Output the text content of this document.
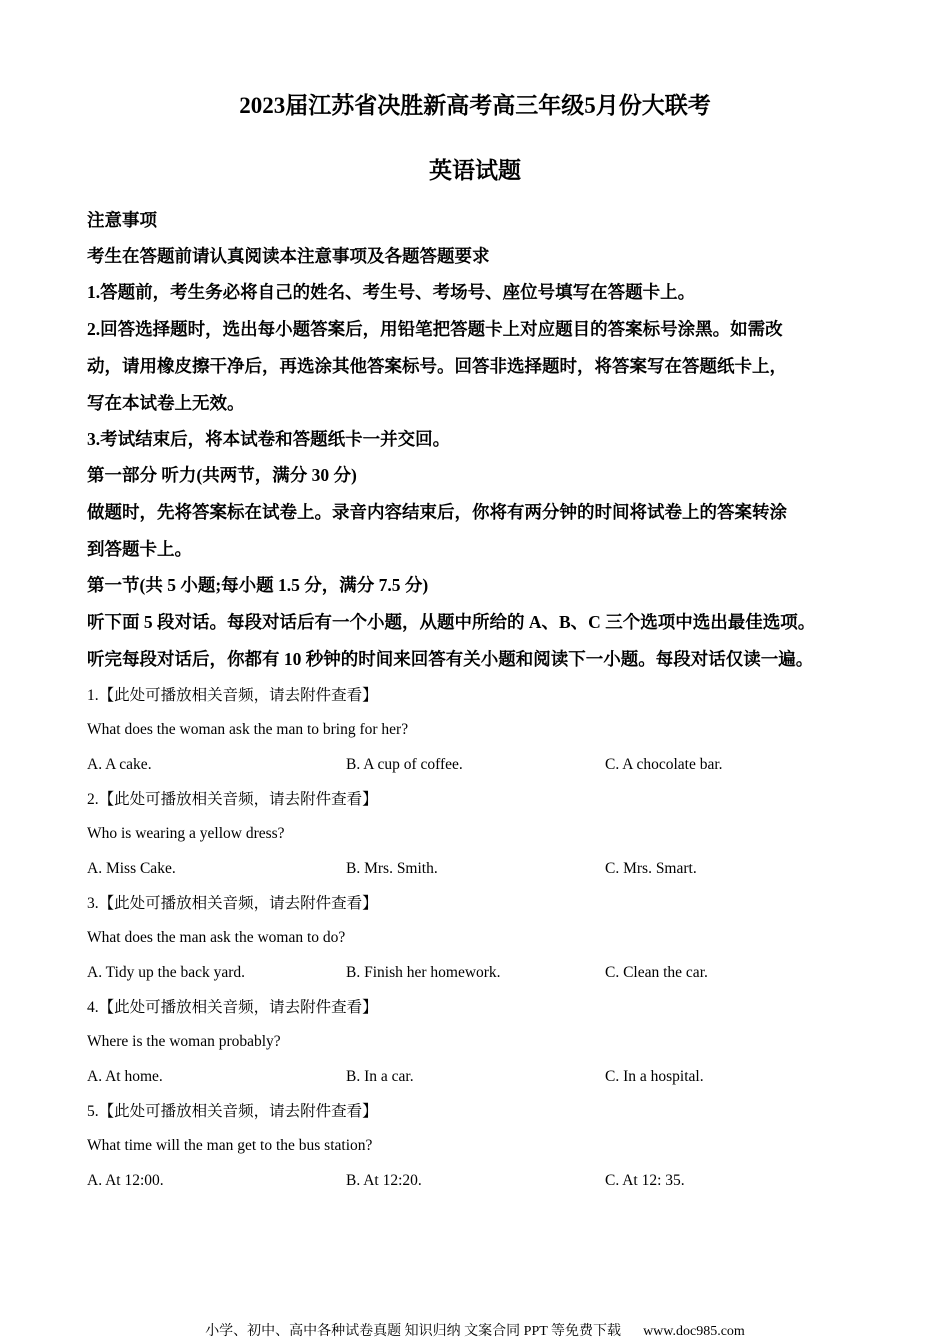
2023届江苏省决胜新高考高三年级5月份大联考
英语试题
注意事项
考生在答题前请认真阅读本注意事项及各题答题要求
1.答题前，考生务必将自己的姓名、考生号、考场号、座位号填写在答题卡上。
2.回答选择题时，选出每小题答案后，用铅笔把答题卡上对应题目的答案标号涂黑。如需改
动，请用橡皮擦干净后，再选涂其他答案标号。回答非选择题时，将答案写在答题纸卡上，
写在本试卷上无效。
3.考试结束后，将本试卷和答题纸卡一并交回。
第一部分 听力(共两节，满分 30 分)
做题时，先将答案标在试卷上。录音内容结束后，你将有两分钟的时间将试卷上的答案转涂
到答题卡上。
第一节(共 5 小题;每小题 1.5 分，满分 7.5 分)
听下面 5 段对话。每段对话后有一个小题，从题中所给的 A、B、C 三个选项中选出最佳选项。
听完每段对话后，你都有 10 秒钟的时间来回答有关小题和阅读下一小题。每段对话仅读一遍。
1.【此处可播放相关音频，请去附件查看】
What does the woman ask the man to bring for her?
A. A cake.	B. A cup of coffee.	C. A chocolate bar.
2.【此处可播放相关音频，请去附件查看】
Who is wearing a yellow dress?
A. Miss Cake.	B. Mrs. Smith.	C. Mrs. Smart.
3.【此处可播放相关音频，请去附件查看】
What does the man ask the woman to do?
A. Tidy up the back yard.	B. Finish her homework.	C. Clean the car.
4.【此处可播放相关音频，请去附件查看】
Where is the woman probably?
A. At home.	B. In a car.	C. In a hospital.
5.【此处可播放相关音频，请去附件查看】
What time will the man get to the bus station?
A. At 12:00.	B. At 12:20.	C. At 12: 35.
小学、初中、高中各种试卷真题 知识归纳 文案合同 PPT 等免费下载 www.doc985.com
